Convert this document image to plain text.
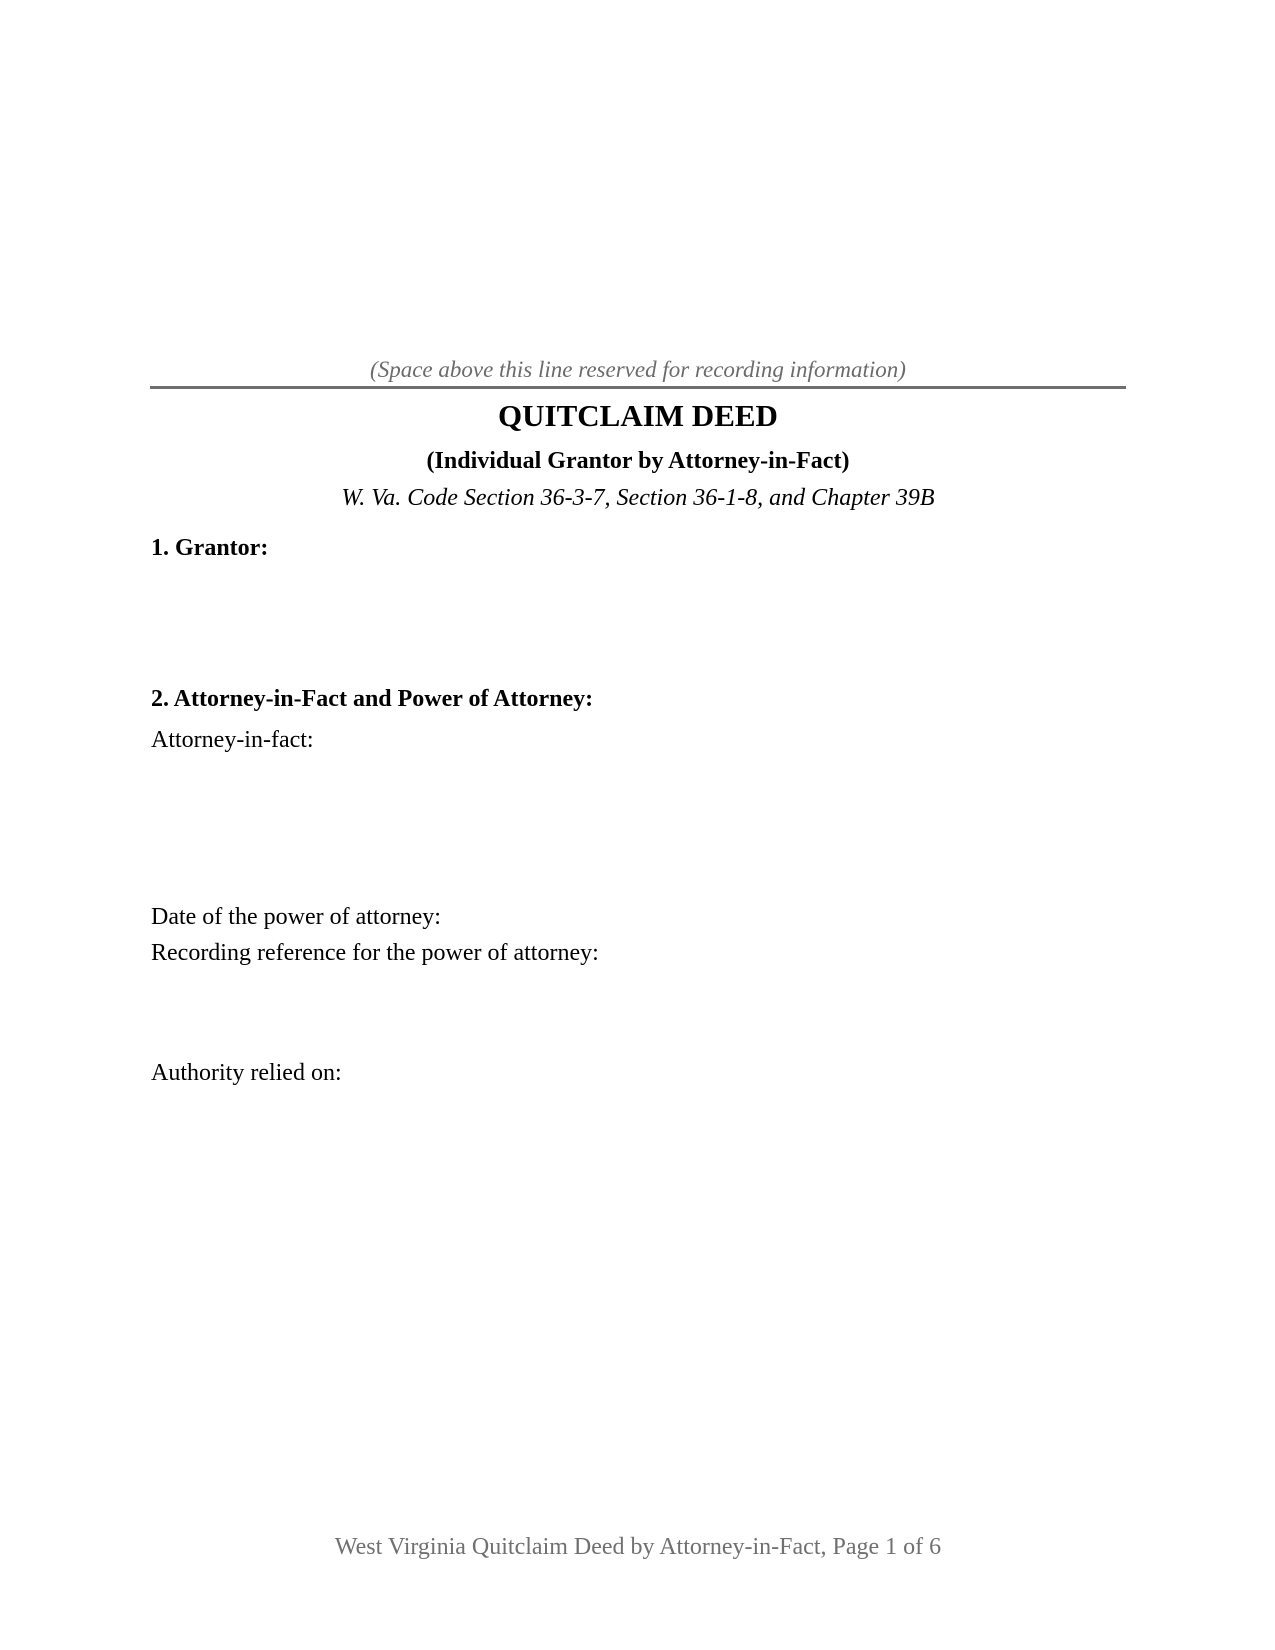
(Space above this line reserved for recording information)
QUITCLAIM DEED
(Individual Grantor by Attorney-in-Fact)
W. Va. Code Section 36-3-7, Section 36-1-8, and Chapter 39B
1. Grantor:
2. Attorney-in-Fact and Power of Attorney:
Attorney-in-fact:
Date of the power of attorney:
Recording reference for the power of attorney:
Authority relied on:
West Virginia Quitclaim Deed by Attorney-in-Fact, Page 1 of 6
